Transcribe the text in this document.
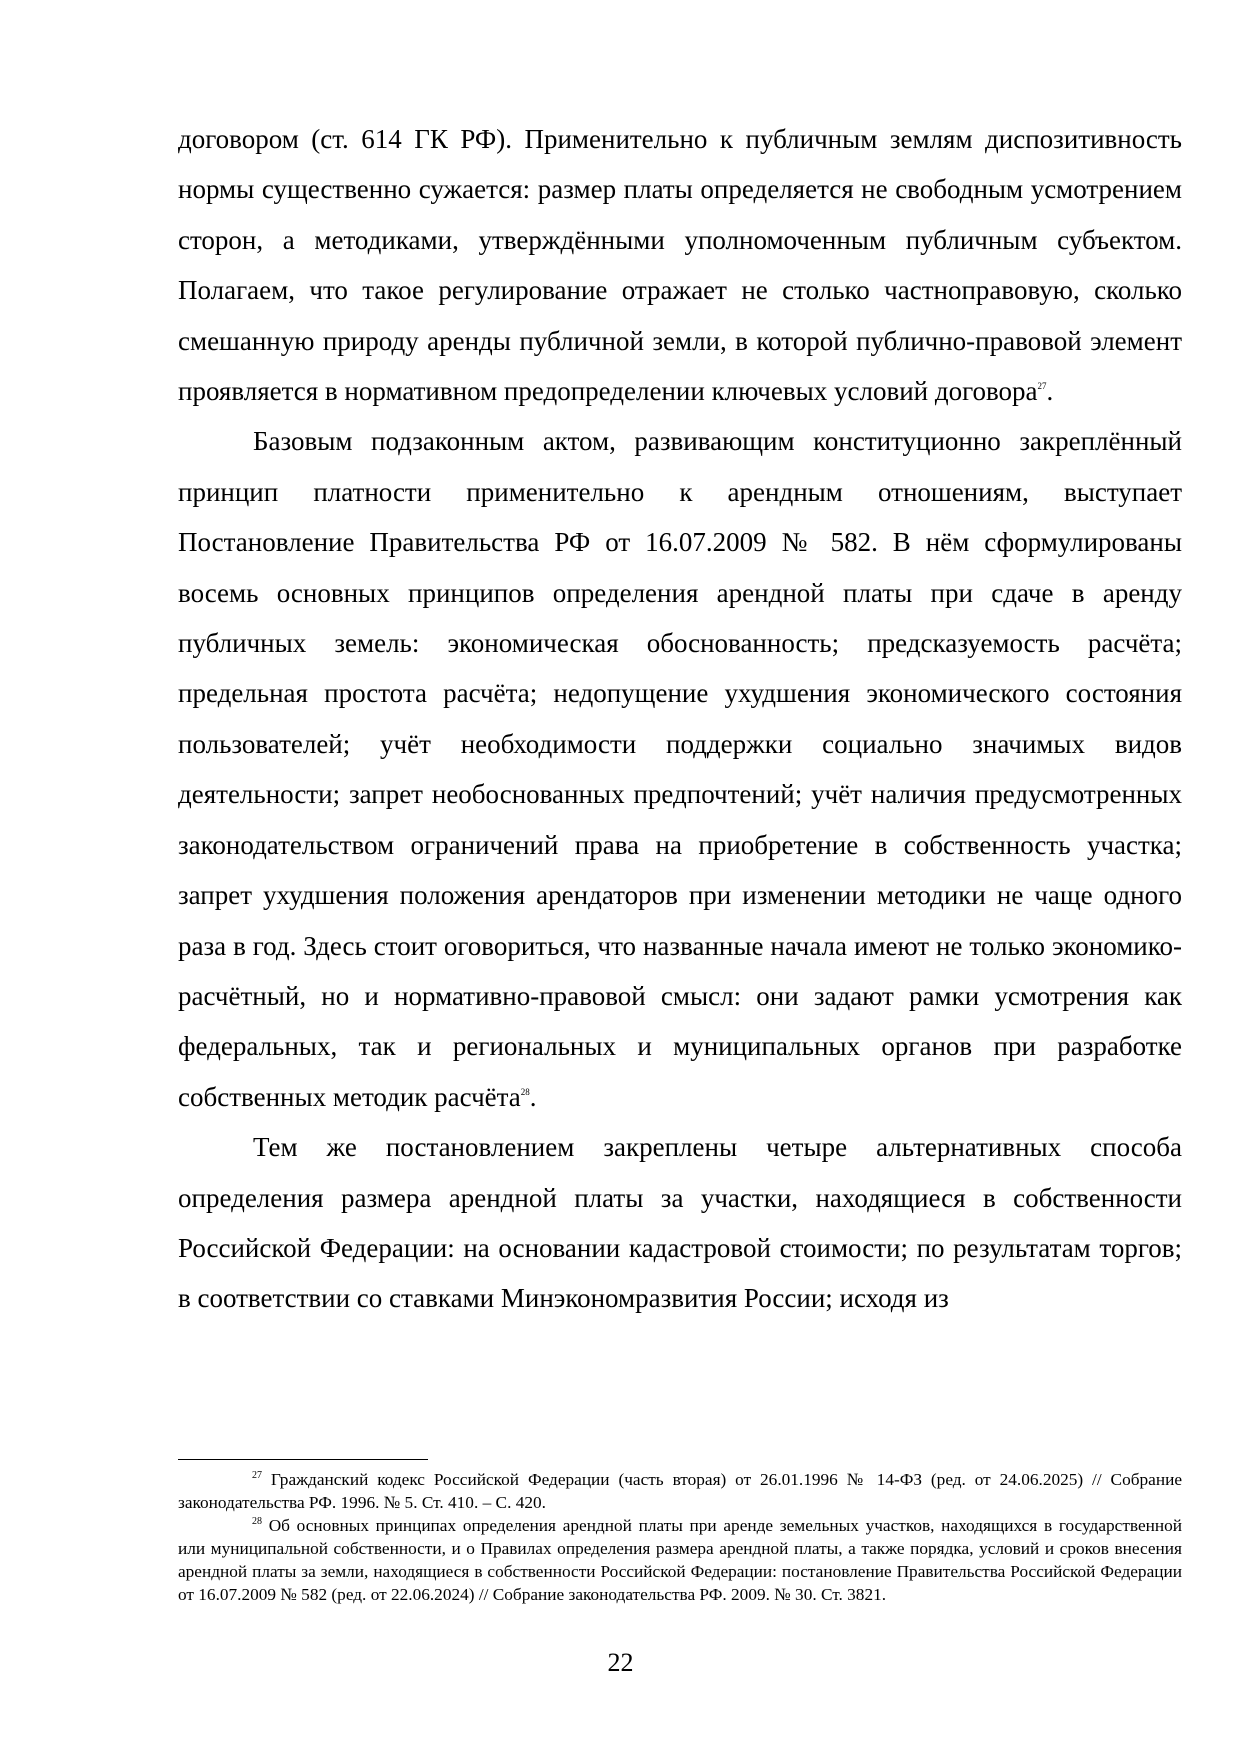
договором (ст. 614 ГК РФ). Применительно к публичным землям диспозитивность нормы существенно сужается: размер платы определяется не свободным усмотрением сторон, а методиками, утверждёнными уполномоченным публичным субъектом. Полагаем, что такое регулирование отражает не столько частноправовую, сколько смешанную природу аренды публичной земли, в которой публично-правовой элемент проявляется в нормативном предопределении ключевых условий договора$^{27}$.

Базовым подзаконным актом, развивающим конституционно закреплённый принцип платности применительно к арендным отношениям, выступает Постановление Правительства РФ от 16.07.2009 № 582. В нём сформулированы восемь основных принципов определения арендной платы при сдаче в аренду публичных земель: экономическая обоснованность; предсказуемость расчёта; предельная простота расчёта; недопущение ухудшения экономического состояния пользователей; учёт необходимости поддержки социально значимых видов деятельности; запрет необоснованных предпочтений; учёт наличия предусмотренных законодательством ограничений права на приобретение в собственность участка; запрет ухудшения положения арендаторов при изменении методики не чаще одного раза в год. Здесь стоит оговориться, что названные начала имеют не только экономико-расчётный, но и нормативно-правовой смысл: они задают рамки усмотрения как федеральных, так и региональных и муниципальных органов при разработке собственных методик расчёта$^{28}$.

Тем же постановлением закреплены четыре альтернативных способа определения размера арендной платы за участки, находящиеся в собственности Российской Федерации: на основании кадастровой стоимости; по результатам торгов; в соответствии со ставками Минэкономразвития России; исходя из

$^{27}$ Гражданский кодекс Российской Федерации (часть вторая) от 26.01.1996 № 14-ФЗ (ред. от 24.06.2025) // Собрание законодательства РФ. 1996. № 5. Ст. 410. – С. 420.

$^{28}$ Об основных принципах определения арендной платы при аренде земельных участков, находящихся в государственной или муниципальной собственности, и о Правилах определения размера арендной платы, а также порядка, условий и сроков внесения арендной платы за земли, находящиеся в собственности Российской Федерации: постановление Правительства Российской Федерации от 16.07.2009 № 582 (ред. от 22.06.2024) // Собрание законодательства РФ. 2009. № 30. Ст. 3821.

22
